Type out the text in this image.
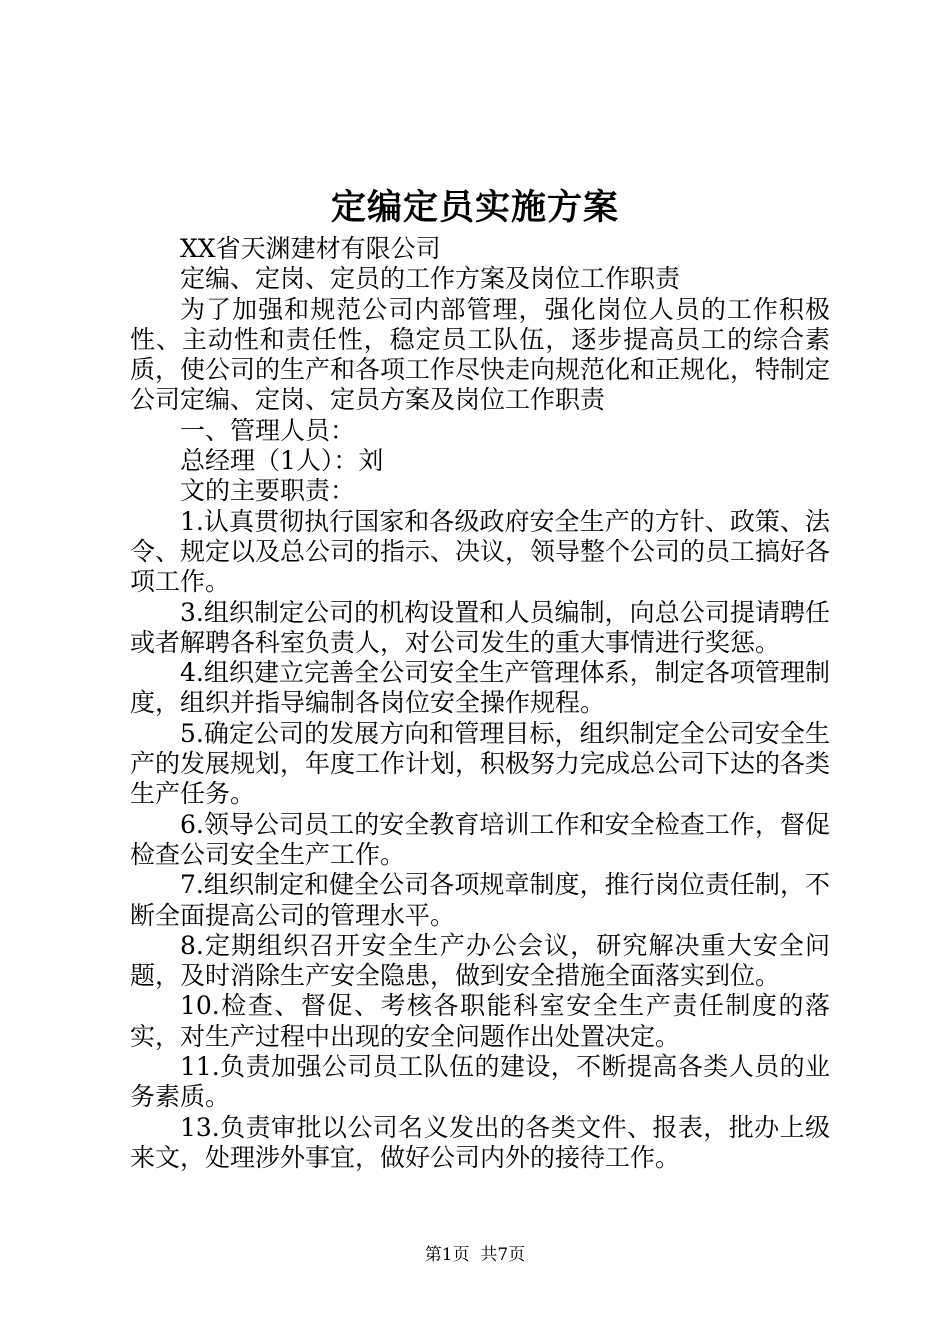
定编定员实施方案

XX省天渊建材有限公司

定编、定岗、定员的工作方案及岗位工作职责

为了加强和规范公司内部管理，强化岗位人员的工作积极性、主动性和责任性，稳定员工队伍，逐步提高员工的综合素质，使公司的生产和各项工作尽快走向规范化和正规化，特制定公司定编、定岗、定员方案及岗位工作职责

一、管理人员：

总经理（1人）：刘

文的主要职责：

1.认真贯彻执行国家和各级政府安全生产的方针、政策、法令、规定以及总公司的指示、决议，领导整个公司的员工搞好各项工作。

3.组织制定公司的机构设置和人员编制，向总公司提请聘任或者解聘各科室负责人，对公司发生的重大事情进行奖惩。

4.组织建立完善全公司安全生产管理体系，制定各项管理制度，组织并指导编制各岗位安全操作规程。

5.确定公司的发展方向和管理目标，组织制定全公司安全生产的发展规划，年度工作计划，积极努力完成总公司下达的各类生产任务。

6.领导公司员工的安全教育培训工作和安全检查工作，督促检查公司安全生产工作。

7.组织制定和健全公司各项规章制度，推行岗位责任制，不断全面提高公司的管理水平。

8.定期组织召开安全生产办公会议，研究解决重大安全问题，及时消除生产安全隐患，做到安全措施全面落实到位。

10.检查、督促、考核各职能科室安全生产责任制度的落实，对生产过程中出现的安全问题作出处置决定。

11.负责加强公司员工队伍的建设，不断提高各类人员的业务素质。

13.负责审批以公司名义发出的各类文件、报表，批办上级来文，处理涉外事宜，做好公司内外的接待工作。

第1页  共7页
